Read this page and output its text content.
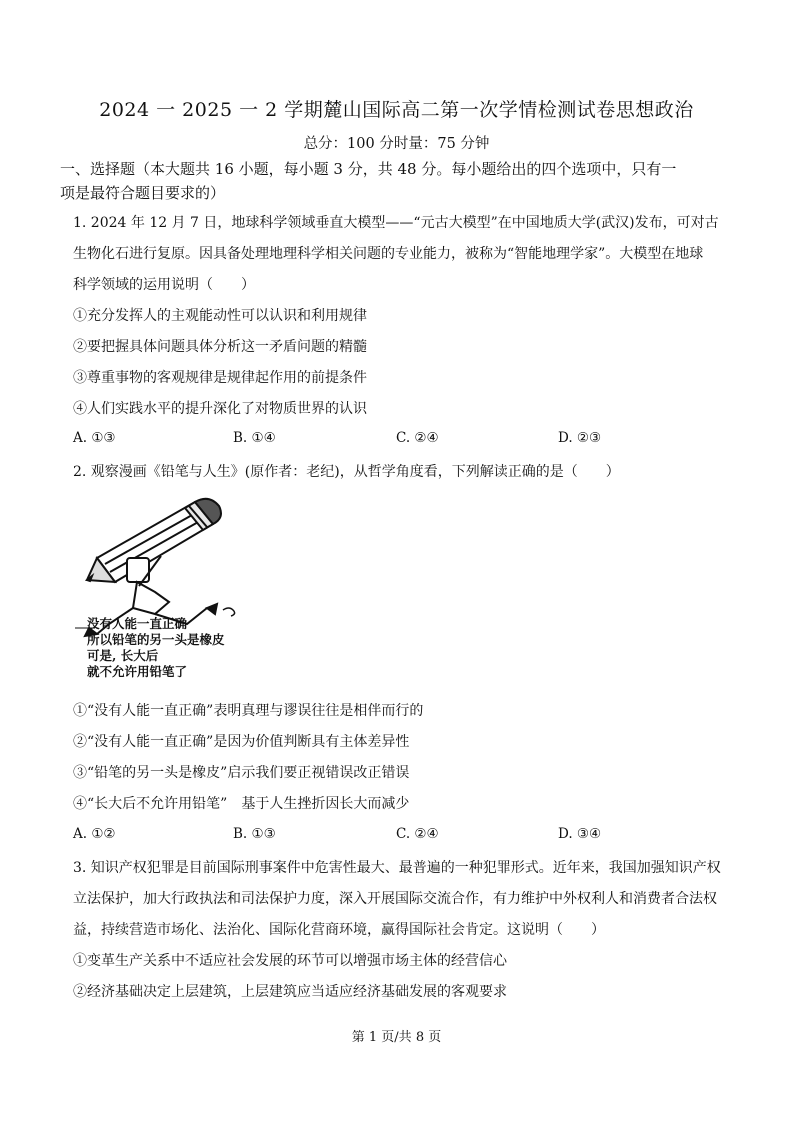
2024 一 2025 一 2 学期麓山国际高二第一次学情检测试卷思想政治
总分：100 分时量：75 分钟
一、选择题（本大题共 16 小题，每小题 3 分，共 48 分。每小题给出的四个选项中，只有一
项是最符合题目要求的）
1. 2024 年 12 月 7 日，地球科学领域垂直大模型——“元古大模型”在中国地质大学(武汉)发布，可对古
生物化石进行复原。因具备处理地理科学相关问题的专业能力，被称为“智能地理学家”。大模型在地球
科学领域的运用说明（　　）
①充分发挥人的主观能动性可以认识和利用规律
②要把握具体问题具体分析这一矛盾问题的精髓
③尊重事物的客观规律是规律起作用的前提条件
④人们实践水平的提升深化了对物质世界的认识
A. ①③	B. ①④	C. ②④	D. ②③
2. 观察漫画《铅笔与人生》(原作者：老纪)，从哲学角度看，下列解读正确的是（　　）
没有人能一直正确
所以铅笔的另一头是橡皮
可是, 长大后
就不允许用铅笔了
①“没有人能一直正确”表明真理与谬误往往是相伴而行的
②“没有人能一直正确”是因为价值判断具有主体差异性
③“铅笔的另一头是橡皮”启示我们要正视错误改正错误
④“长大后不允许用铅笔”　基于人生挫折因长大而减少
A. ①②	B. ①③	C. ②④	D. ③④
3. 知识产权犯罪是目前国际刑事案件中危害性最大、最普遍的一种犯罪形式。近年来，我国加强知识产权
立法保护，加大行政执法和司法保护力度，深入开展国际交流合作，有力维护中外权利人和消费者合法权
益，持续营造市场化、法治化、国际化营商环境，赢得国际社会肯定。这说明（　　）
①变革生产关系中不适应社会发展的环节可以增强市场主体的经营信心
②经济基础决定上层建筑，上层建筑应当适应经济基础发展的客观要求
第 1 页/共 8 页
